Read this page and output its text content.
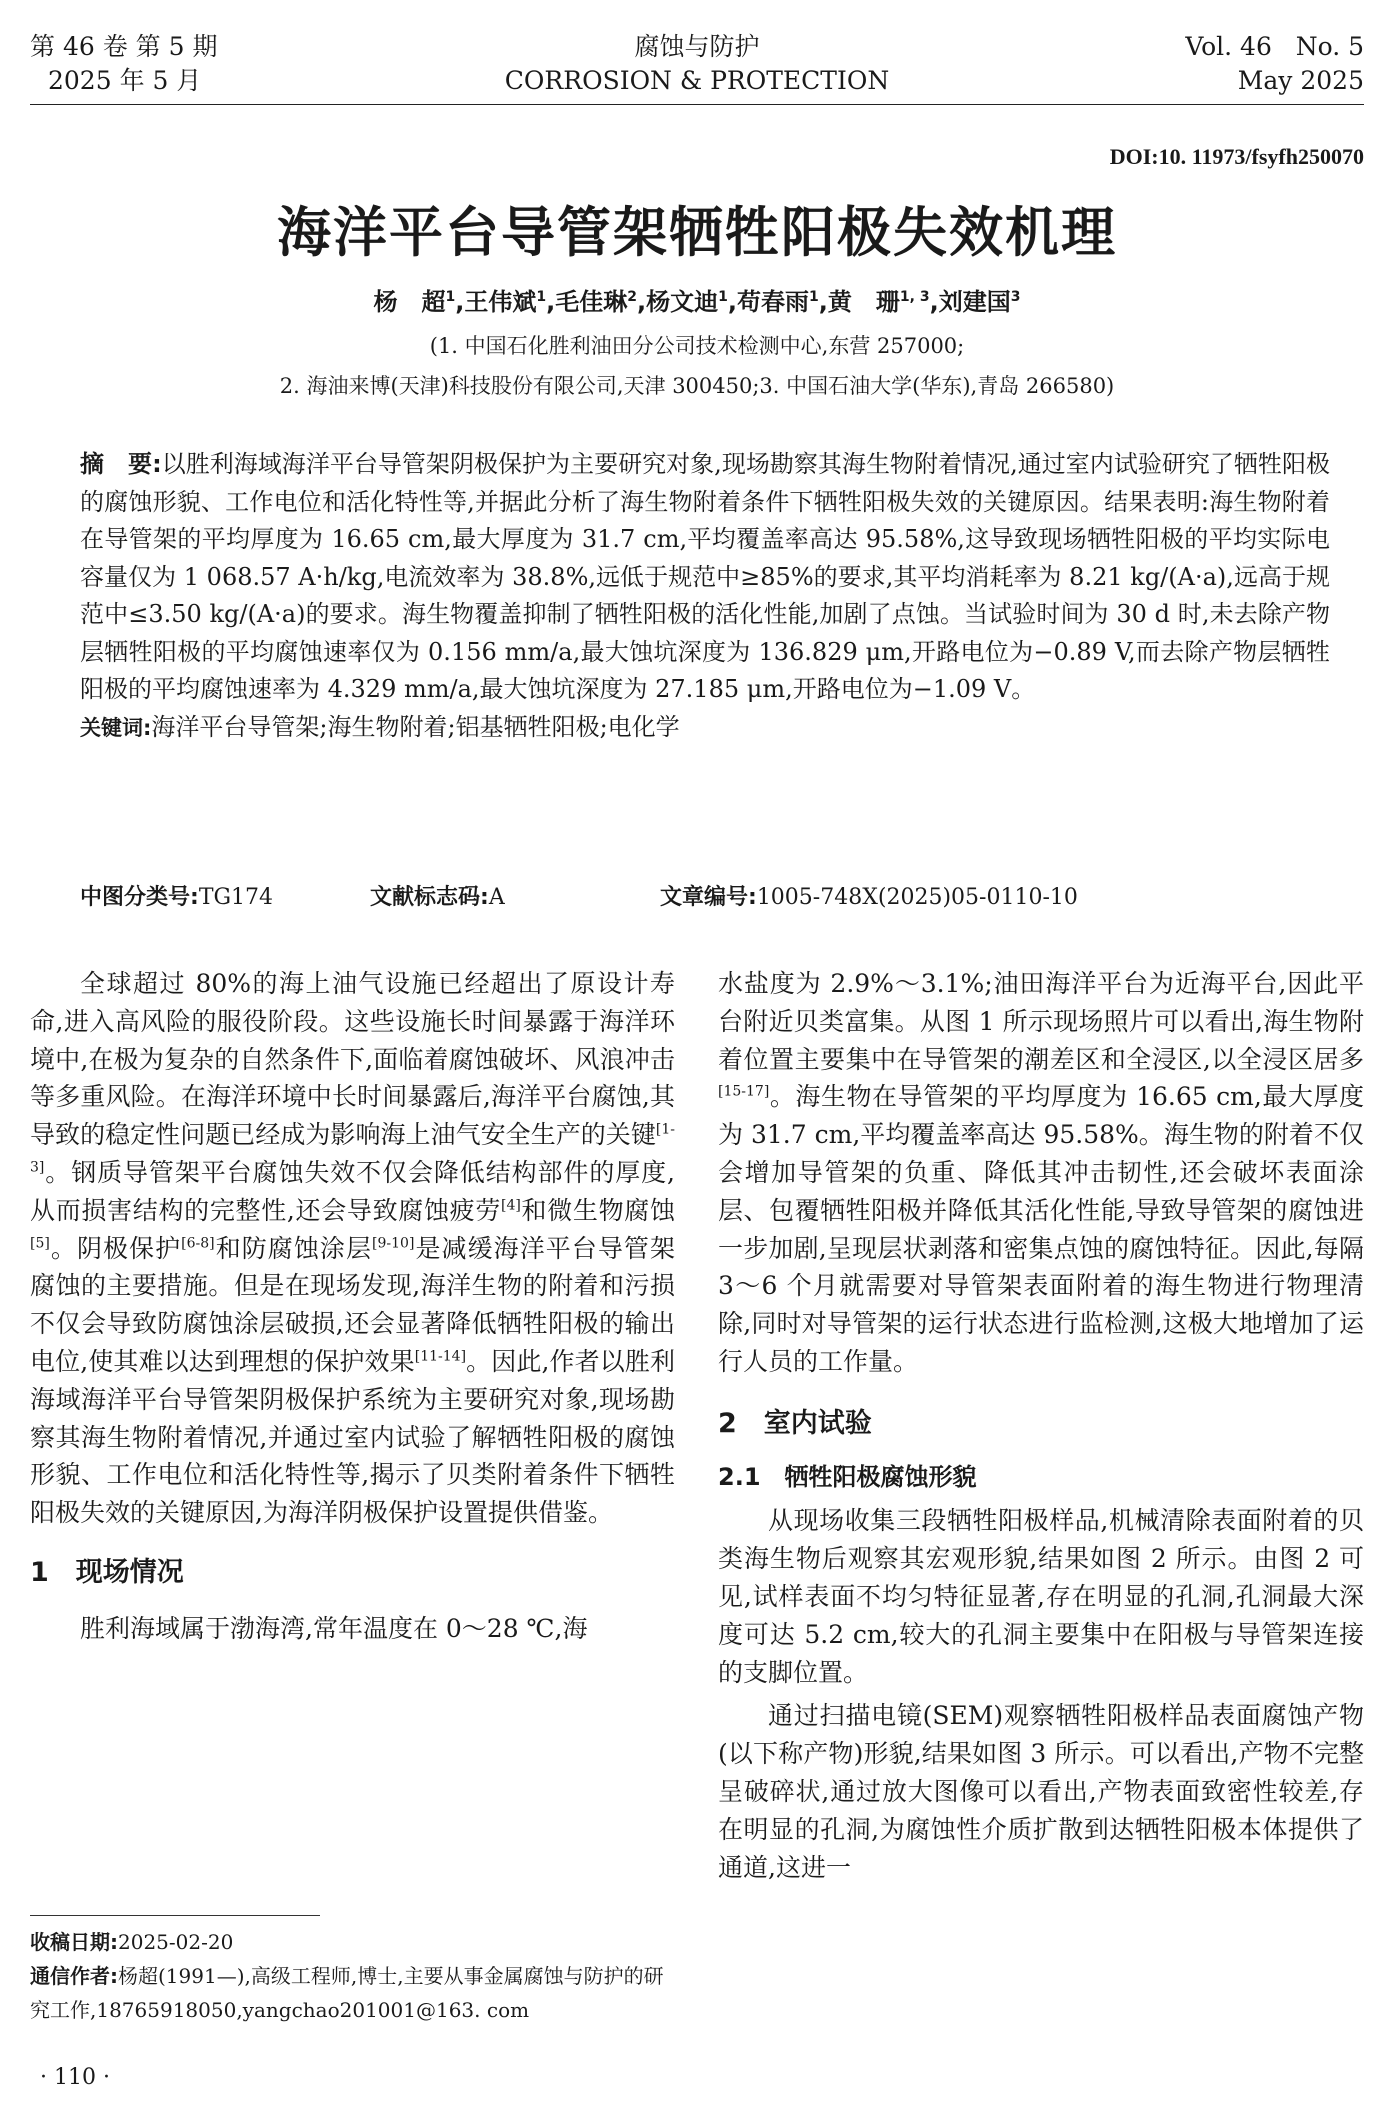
第 46 卷 第 5 期
2025 年 5 月
腐蚀与防护
CORROSION & PROTECTION
Vol. 46   No. 5
May 2025
DOI:10. 11973/fsyfh250070
海洋平台导管架牺牲阳极失效机理
杨　超$^1$,王伟斌$^1$,毛佳琳$^2$,杨文迪$^1$,苟春雨$^1$,黄　珊$^{1, 3}$,刘建国$^3$
(1. 中国石化胜利油田分公司技术检测中心,东营 257000;
2. 海油来博(天津)科技股份有限公司,天津 300450;3. 中国石油大学(华东),青岛 266580)
摘　要:以胜利海域海洋平台导管架阴极保护为主要研究对象,现场勘察其海生物附着情况,通过室内试验研究了牺牲阳极的腐蚀形貌、工作电位和活化特性等,并据此分析了海生物附着条件下牺牲阳极失效的关键原因。结果表明:海生物附着在导管架的平均厚度为 16.65 cm,最大厚度为 31.7 cm,平均覆盖率高达 95.58%,这导致现场牺牲阳极的平均实际电容量仅为 1 068.57 A·h/kg,电流效率为 38.8%,远低于规范中≥85%的要求,其平均消耗率为 8.21 kg/(A·a),远高于规范中≤3.50 kg/(A·a)的要求。海生物覆盖抑制了牺牲阳极的活化性能,加剧了点蚀。当试验时间为 30 d 时,未去除产物层牺牲阳极的平均腐蚀速率仅为 0.156 mm/a,最大蚀坑深度为 136.829 μm,开路电位为−0.89 V,而去除产物层牺牲阳极的平均腐蚀速率为 4.329 mm/a,最大蚀坑深度为 27.185 μm,开路电位为−1.09 V。
关键词:海洋平台导管架;海生物附着;铝基牺牲阳极;电化学
中图分类号:TG174	文献标志码:A	文章编号:1005-748X(2025)05-0110-10

全球超过 80%的海上油气设施已经超出了原设计寿命,进入高风险的服役阶段。这些设施长时间暴露于海洋环境中,在极为复杂的自然条件下,面临着腐蚀破坏、风浪冲击等多重风险。在海洋环境中长时间暴露后,海洋平台腐蚀,其导致的稳定性问题已经成为影响海上油气安全生产的关键[1-3]。钢质导管架平台腐蚀失效不仅会降低结构部件的厚度,从而损害结构的完整性,还会导致腐蚀疲劳[4]和微生物腐蚀[5]。阴极保护[6-8]和防腐蚀涂层[9-10]是减缓海洋平台导管架腐蚀的主要措施。但是在现场发现,海洋生物的附着和污损不仅会导致防腐蚀涂层破损,还会显著降低牺牲阳极的输出电位,使其难以达到理想的保护效果[11-14]。因此,作者以胜利海域海洋平台导管架阴极保护系统为主要研究对象,现场勘察其海生物附着情况,并通过室内试验了解牺牲阳极的腐蚀形貌、工作电位和活化特性等,揭示了贝类附着条件下牺牲阳极失效的关键原因,为海洋阴极保护设置提供借鉴。

1　现场情况

胜利海域属于渤海湾,常年温度在 0～28 ℃,海

水盐度为 2.9%～3.1%;油田海洋平台为近海平台,因此平台附近贝类富集。从图 1 所示现场照片可以看出,海生物附着位置主要集中在导管架的潮差区和全浸区,以全浸区居多[15-17]。海生物在导管架的平均厚度为 16.65 cm,最大厚度为 31.7 cm,平均覆盖率高达 95.58%。海生物的附着不仅会增加导管架的负重、降低其冲击韧性,还会破坏表面涂层、包覆牺牲阳极并降低其活化性能,导致导管架的腐蚀进一步加剧,呈现层状剥落和密集点蚀的腐蚀特征。因此,每隔 3～6 个月就需要对导管架表面附着的海生物进行物理清除,同时对导管架的运行状态进行监检测,这极大地增加了运行人员的工作量。

2　室内试验
2.1　牺牲阳极腐蚀形貌

从现场收集三段牺牲阳极样品,机械清除表面附着的贝类海生物后观察其宏观形貌,结果如图 2 所示。由图 2 可见,试样表面不均匀特征显著,存在明显的孔洞,孔洞最大深度可达 5.2 cm,较大的孔洞主要集中在阳极与导管架连接的支脚位置。

通过扫描电镜(SEM)观察牺牲阳极样品表面腐蚀产物(以下称产物)形貌,结果如图 3 所示。可以看出,产物不完整呈破碎状,通过放大图像可以看出,产物表面致密性较差,存在明显的孔洞,为腐蚀性介质扩散到达牺牲阳极本体提供了通道,这进一

收稿日期:2025-02-20
通信作者:杨超(1991—),高级工程师,博士,主要从事金属腐蚀与防护的研究工作,18765918050,yangchao201001@163. com
· 110 ·
